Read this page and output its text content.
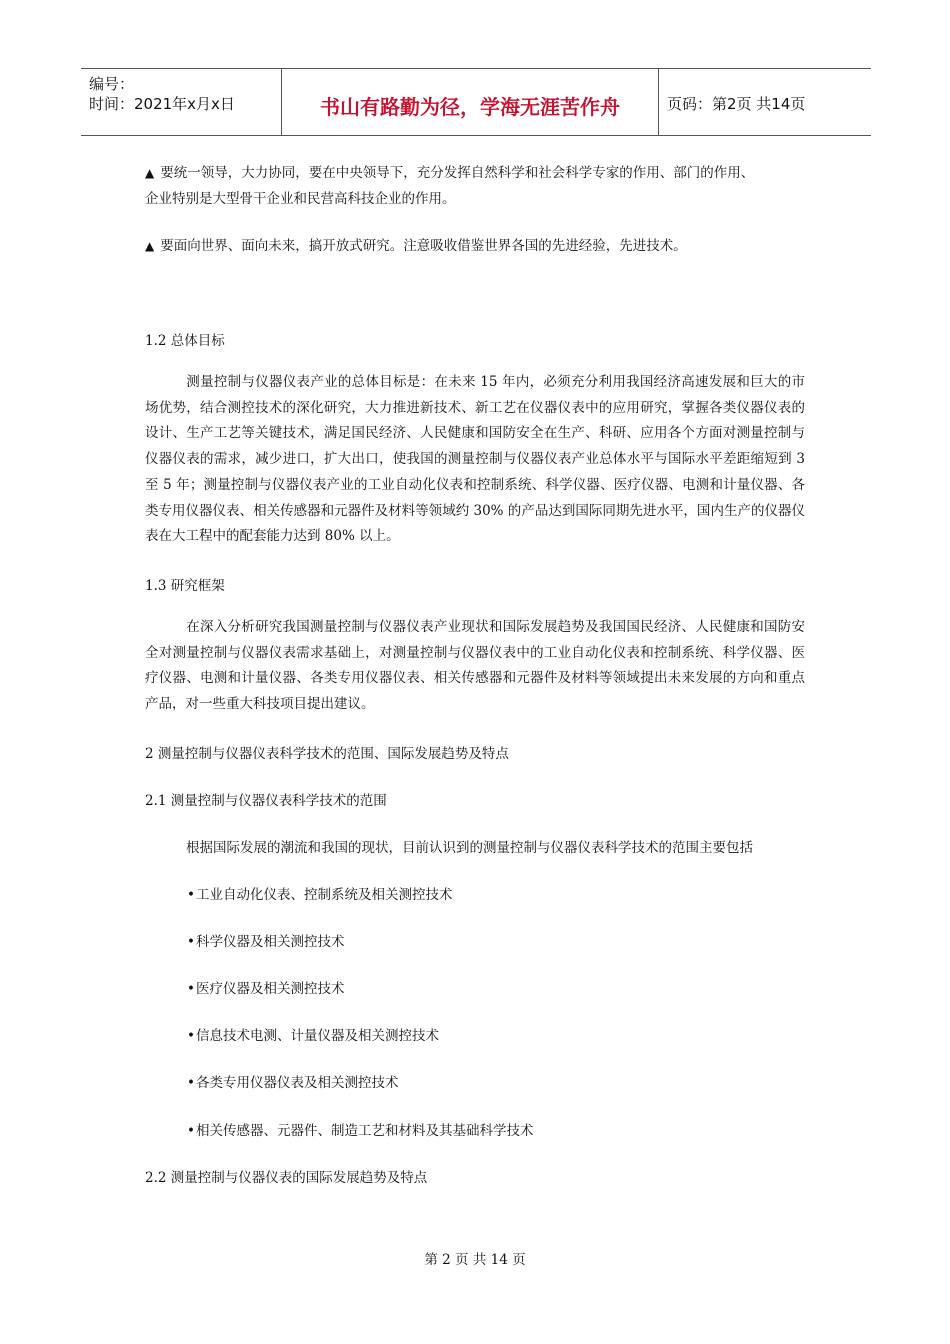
编号：
时间：2021年x月x日	书山有路勤为径，学海无涯苦作舟	页码：第2页 共14页
▲ 要统一领导，大力协同，要在中央领导下，充分发挥自然科学和社会科学专家的作用、部门的作用、
企业特别是大型骨干企业和民营高科技企业的作用。
▲ 要面向世界、面向未来，搞开放式研究。注意吸收借鉴世界各国的先进经验，先进技术。
1.2 总体目标
测量控制与仪器仪表产业的总体目标是：在未来 15 年内，必须充分利用我国经济高速发展和巨大的市场优势，结合测控技术的深化研究，大力推进新技术、新工艺在仪器仪表中的应用研究，掌握各类仪器仪表的设计、生产工艺等关键技术，满足国民经济、人民健康和国防安全在生产、科研、应用各个方面对测量控制与仪器仪表的需求，减少进口，扩大出口，使我国的测量控制与仪器仪表产业总体水平与国际水平差距缩短到 3 至 5 年；测量控制与仪器仪表产业的工业自动化仪表和控制系统、科学仪器、医疗仪器、电测和计量仪器、各类专用仪器仪表、相关传感器和元器件及材料等领域约 30% 的产品达到国际同期先进水平，国内生产的仪器仪表在大工程中的配套能力达到 80% 以上。
1.3 研究框架
在深入分析研究我国测量控制与仪器仪表产业现状和国际发展趋势及我国国民经济、人民健康和国防安全对测量控制与仪器仪表需求基础上，对测量控制与仪器仪表中的工业自动化仪表和控制系统、科学仪器、医疗仪器、电测和计量仪器、各类专用仪器仪表、相关传感器和元器件及材料等领域提出未来发展的方向和重点产品，对一些重大科技项目提出建议。
2 测量控制与仪器仪表科学技术的范围、国际发展趋势及特点
2.1 测量控制与仪器仪表科学技术的范围
根据国际发展的潮流和我国的现状，目前认识到的测量控制与仪器仪表科学技术的范围主要包括
•工业自动化仪表、控制系统及相关测控技术
•科学仪器及相关测控技术
•医疗仪器及相关测控技术
•信息技术电测、计量仪器及相关测控技术
•各类专用仪器仪表及相关测控技术
•相关传感器、元器件、制造工艺和材料及其基础科学技术
2.2 测量控制与仪器仪表的国际发展趋势及特点
第 2 页 共 14 页
